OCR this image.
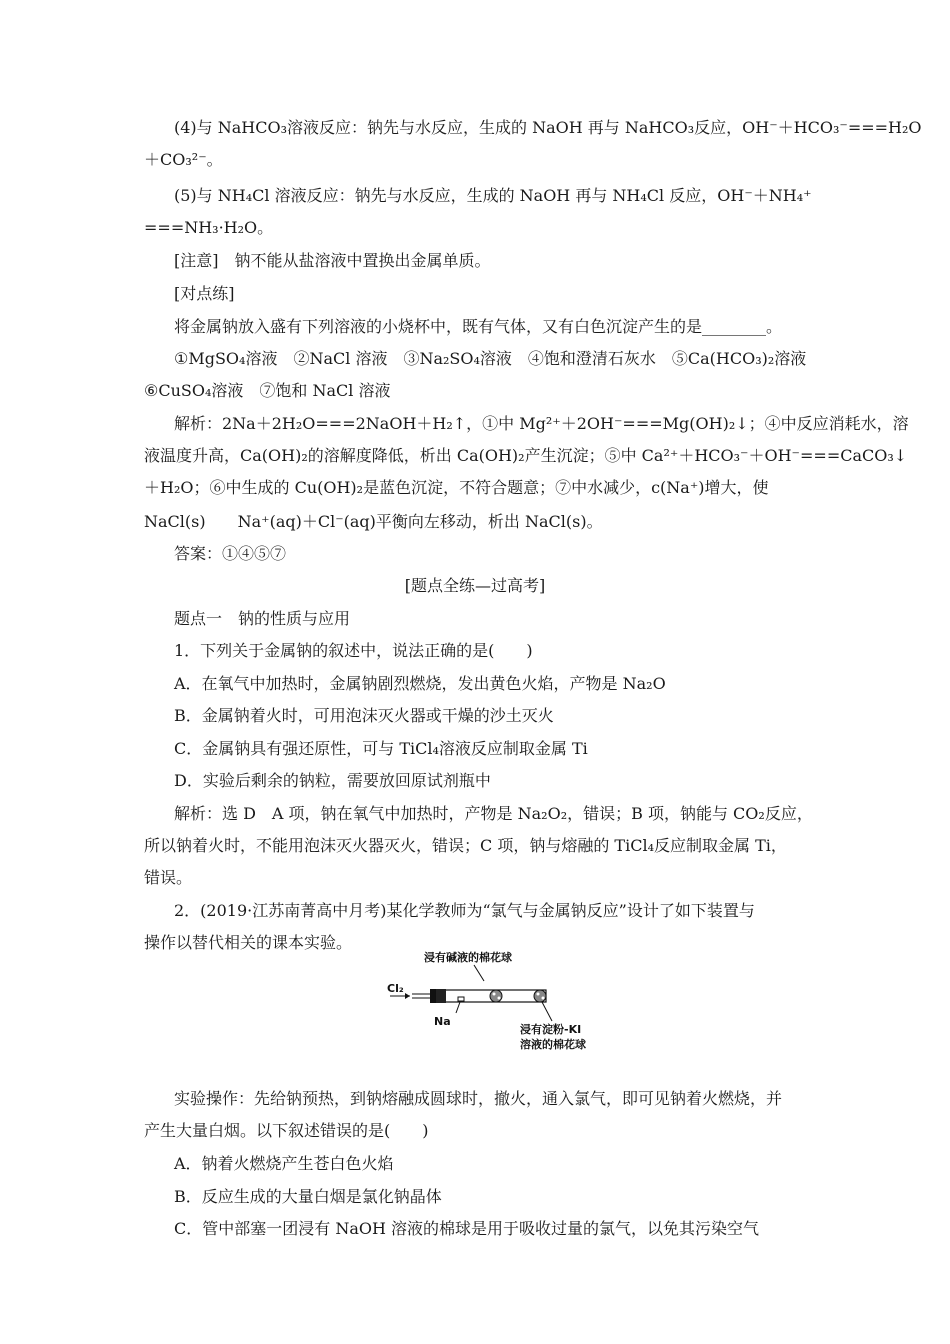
(4)与 NaHCO₃溶液反应：钠先与水反应，生成的 NaOH 再与 NaHCO₃反应，OH⁻＋HCO₃⁻===H₂O
＋CO₃²⁻。
(5)与 NH₄Cl 溶液反应：钠先与水反应，生成的 NaOH 再与 NH₄Cl 反应，OH⁻＋NH₄⁺
===NH₃·H₂O。
[注意]　钠不能从盐溶液中置换出金属单质。
[对点练]
将金属钠放入盛有下列溶液的小烧杯中，既有气体，又有白色沉淀产生的是________。
①MgSO₄溶液　②NaCl 溶液　③Na₂SO₄溶液　④饱和澄清石灰水　⑤Ca(HCO₃)₂溶液
⑥CuSO₄溶液　⑦饱和 NaCl 溶液
解析：2Na＋2H₂O===2NaOH＋H₂↑，①中 Mg²⁺＋2OH⁻===Mg(OH)₂↓；④中反应消耗水，溶
液温度升高，Ca(OH)₂的溶解度降低，析出 Ca(OH)₂产生沉淀；⑤中 Ca²⁺＋HCO₃⁻＋OH⁻===CaCO₃↓
＋H₂O；⑥中生成的 Cu(OH)₂是蓝色沉淀，不符合题意；⑦中水减少，c(Na⁺)增大，使
NaCl(s)　　Na⁺(aq)＋Cl⁻(aq)平衡向左移动，析出 NaCl(s)。
答案：①④⑤⑦
[题点全练—过高考]
题点一　钠的性质与应用
1．下列关于金属钠的叙述中，说法正确的是(　　)
A．在氧气中加热时，金属钠剧烈燃烧，发出黄色火焰，产物是 Na₂O
B．金属钠着火时，可用泡沫灭火器或干燥的沙土灭火
C．金属钠具有强还原性，可与 TiCl₄溶液反应制取金属 Ti
D．实验后剩余的钠粒，需要放回原试剂瓶中
解析：选 D　A 项，钠在氧气中加热时，产物是 Na₂O₂，错误；B 项，钠能与 CO₂反应，
所以钠着火时，不能用泡沫灭火器灭火，错误；C 项，钠与熔融的 TiCl₄反应制取金属 Ti，
错误。
2．(2019·江苏南菁高中月考)某化学教师为“氯气与金属钠反应”设计了如下装置与
操作以替代相关的课本实验。
浸有碱液的棉花球
Cl₂
Na
浸有淀粉-KI
溶液的棉花球
实验操作：先给钠预热，到钠熔融成圆球时，撤火，通入氯气，即可见钠着火燃烧，并
产生大量白烟。以下叙述错误的是(　　)
A．钠着火燃烧产生苍白色火焰
B．反应生成的大量白烟是氯化钠晶体
C．管中部塞一团浸有 NaOH 溶液的棉球是用于吸收过量的氯气，以免其污染空气
